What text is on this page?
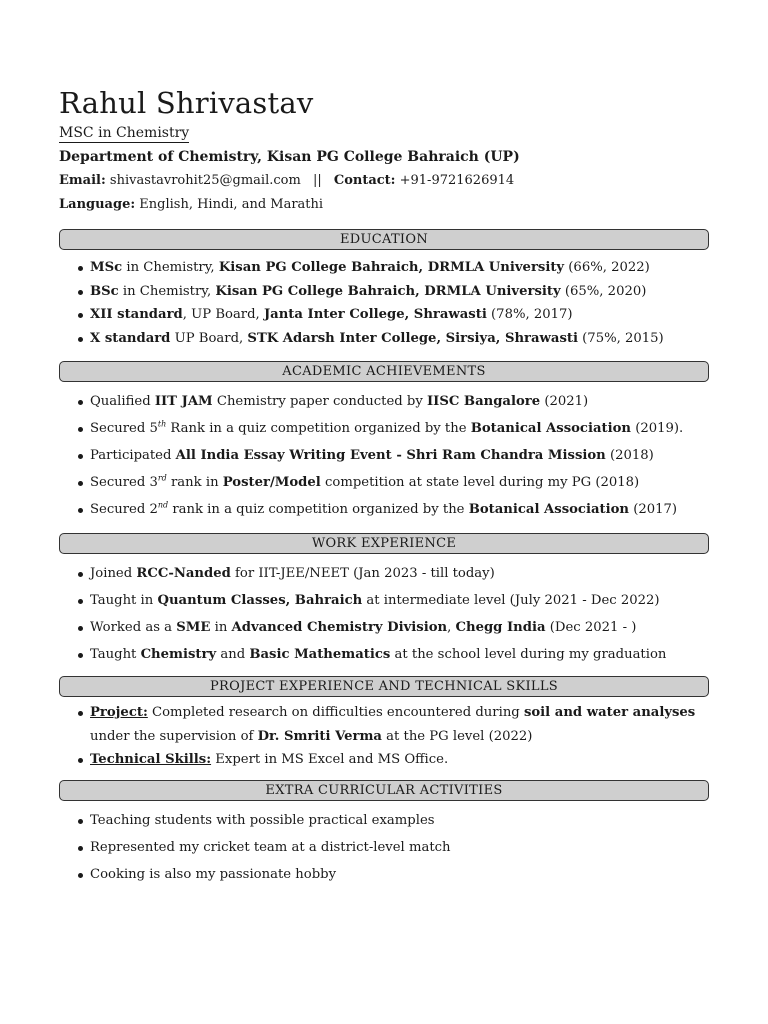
Rahul Shrivastav
MSC in Chemistry
Department of Chemistry, Kisan PG College Bahraich (UP)
Email: shivastavrohit25@gmail.com || Contact: +91-9721626914
Language: English, Hindi, and Marathi
EDUCATION
MSc in Chemistry, Kisan PG College Bahraich, DRMLA University (66%, 2022)
BSc in Chemistry, Kisan PG College Bahraich, DRMLA University (65%, 2020)
XII standard, UP Board, Janta Inter College, Shrawasti (78%, 2017)
X standard UP Board, STK Adarsh Inter College, Sirsiya, Shrawasti (75%, 2015)
ACADEMIC ACHIEVEMENTS
Qualified IIT JAM Chemistry paper conducted by IISC Bangalore (2021)
Secured 5th Rank in a quiz competition organized by the Botanical Association (2019).
Participated All India Essay Writing Event - Shri Ram Chandra Mission (2018)
Secured 3rd rank in Poster/Model competition at state level during my PG (2018)
Secured 2nd rank in a quiz competition organized by the Botanical Association (2017)
WORK EXPERIENCE
Joined RCC-Nanded for IIT-JEE/NEET (Jan 2023 - till today)
Taught in Quantum Classes, Bahraich at intermediate level (July 2021 - Dec 2022)
Worked as a SME in Advanced Chemistry Division, Chegg India (Dec 2021 - )
Taught Chemistry and Basic Mathematics at the school level during my graduation
PROJECT EXPERIENCE AND TECHNICAL SKILLS
Project: Completed research on difficulties encountered during soil and water analyses
under the supervision of Dr. Smriti Verma at the PG level (2022)
Technical Skills: Expert in MS Excel and MS Office.
EXTRA CURRICULAR ACTIVITIES
Teaching students with possible practical examples
Represented my cricket team at a district-level match
Cooking is also my passionate hobby
